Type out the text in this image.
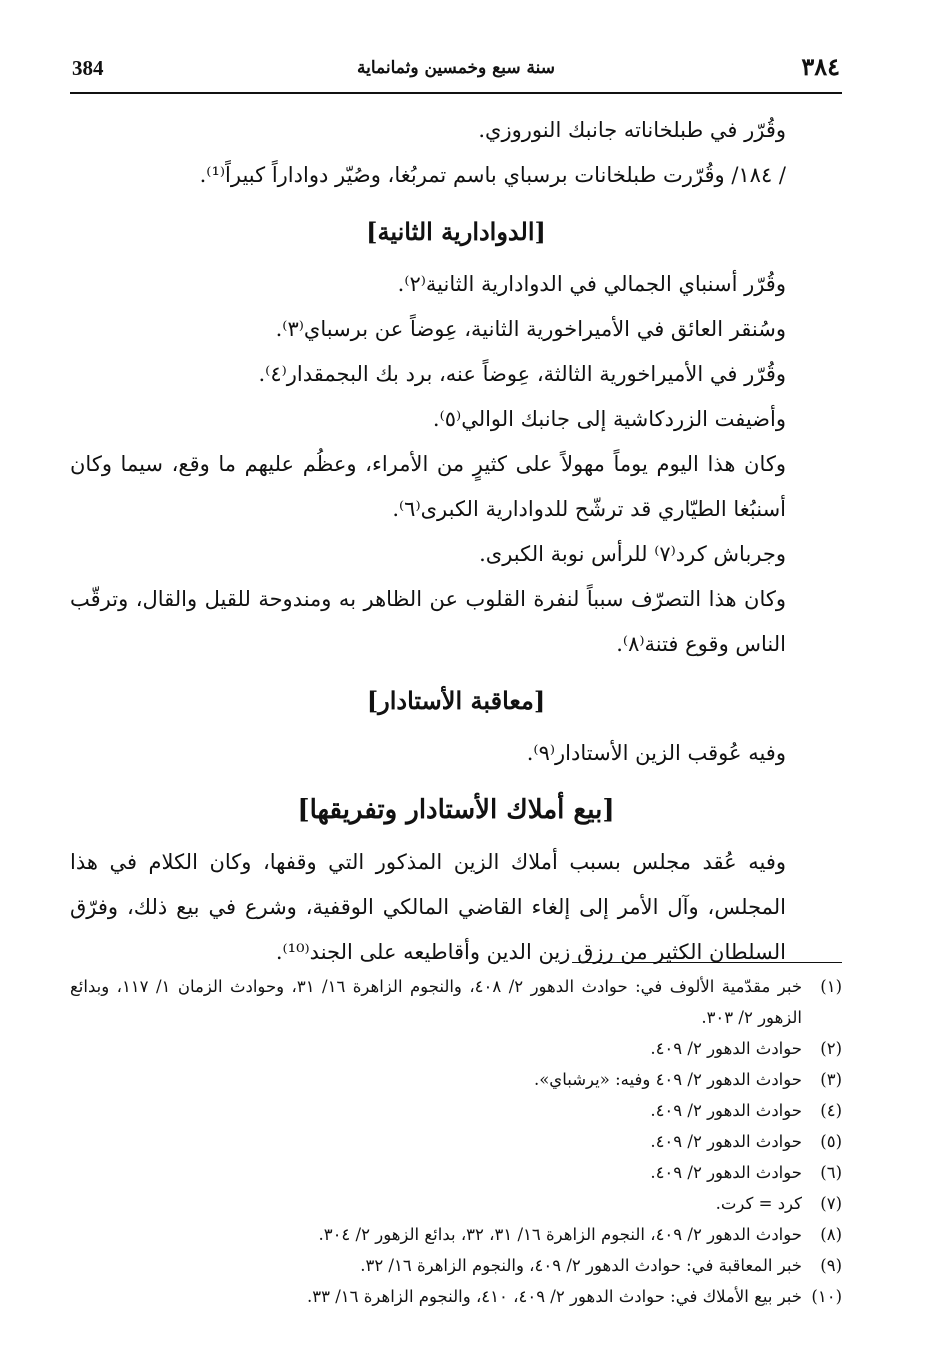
384	سنة سبع وخمسين وثمانماية	٣٨٤

وقُرّر في طبلخاناته جانبك النوروزي.

/ ١٨٤/ وقُرّرت طبلخانات برسباي باسم تمربُغا، وصُيّر دواداراً كبيراً⁽¹⁾.

[الدوادارية الثانية]

وقُرّر أسنباي الجمالي في الدوادارية الثانية⁽٢⁾.

وسُنقر العائق في الأميراخورية الثانية، عِوضاً عن برسباي⁽٣⁾.

وقُرّر في الأميراخورية الثالثة، عِوضاً عنه، برد بك البجمقدار⁽٤⁾.

وأضيفت الزردكاشية إلى جانبك الوالي⁽٥⁾.

وكان هذا اليوم يوماً مهولاً على كثيرٍ من الأمراء، وعظُم عليهم ما وقع، سيما وكان أسنبُغا الطيّاري قد ترشّح للدوادارية الكبرى⁽٦⁾.

وجرباش كرد⁽٧⁾ للرأس نوبة الكبرى.

وكان هذا التصرّف سبباً لنفرة القلوب عن الظاهر به ومندوحة للقيل والقال، وترقّب الناس وقوع فتنة⁽٨⁾.

[معاقبة الأستادار]

وفيه عُوقب الزين الأستادار⁽٩⁾.

[بيع أملاك الأستادار وتفريقها]

وفيه عُقد مجلس بسبب أملاك الزين المذكور التي وقفها، وكان الكلام في هذا المجلس، وآل الأمر إلى إلغاء القاضي المالكي الوقفية، وشرع في بيع ذلك، وفرّق السلطان الكثير من رزق زين الدين وأقاطيعه على الجند⁽¹⁰⁾.

(١)
خبر مقدّمية الألوف في: حوادث الدهور ٢/ ٤٠٨، والنجوم الزاهرة ١٦/ ٣١، وحوادث الزمان ١/ ١١٧، وبدائع الزهور ٢/ ٣٠٣.
(٢)
حوادث الدهور ٢/ ٤٠٩.
(٣)
حوادث الدهور ٢/ ٤٠٩ وفيه: «يرشباي».
(٤)
حوادث الدهور ٢/ ٤٠٩.
(٥)
حوادث الدهور ٢/ ٤٠٩.
(٦)
حوادث الدهور ٢/ ٤٠٩.
(٧)
كرد = كرت.
(٨)
حوادث الدهور ٢/ ٤٠٩، النجوم الزاهرة ١٦/ ٣١، ٣٢، بدائع الزهور ٢/ ٣٠٤.
(٩)
خبر المعاقبة في: حوادث الدهور ٢/ ٤٠٩، والنجوم الزاهرة ١٦/ ٣٢.
(١٠)
خبر بيع الأملاك في: حوادث الدهور ٢/ ٤٠٩، ٤١٠، والنجوم الزاهرة ١٦/ ٣٣.
